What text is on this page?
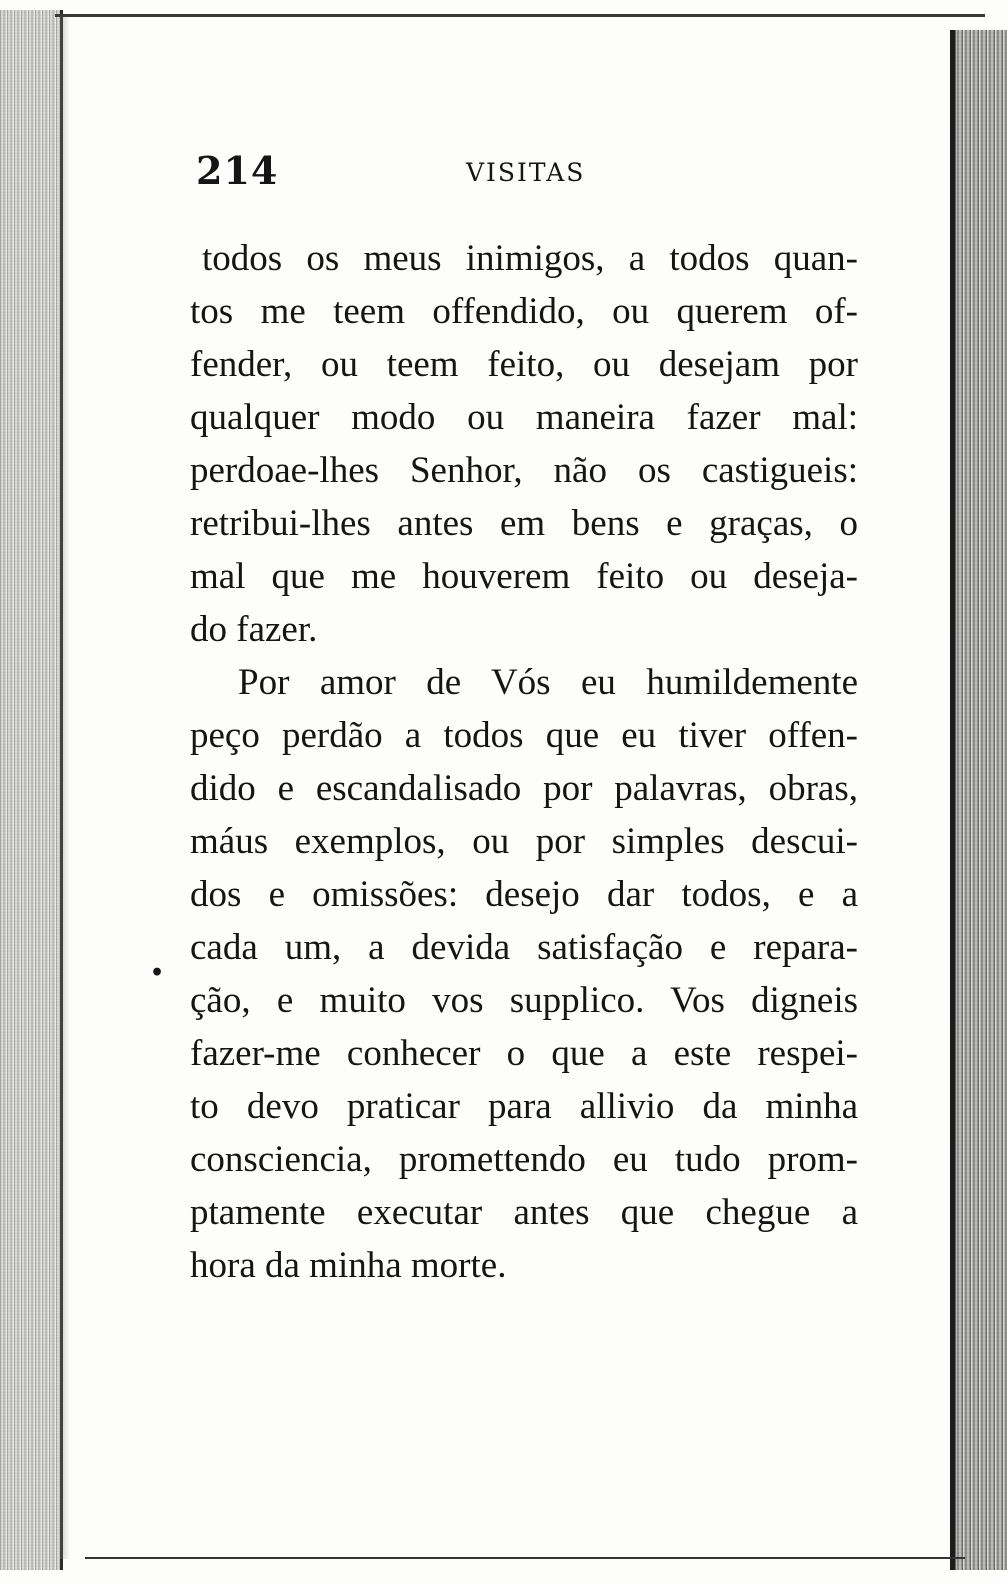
214	VISITAS
•
todos os meus inimigos, a todos quan-
tos me teem offendido, ou querem of-
fender, ou teem feito, ou desejam por
qualquer modo ou maneira fazer mal:
perdoae-lhes Senhor, não os castigueis:
retribui-lhes antes em bens e graças, o
mal que me houverem feito ou deseja-
do fazer.
Por amor de Vós eu humildemente
peço perdão a todos que eu tiver offen-
dido e escandalisado por palavras, obras,
máus exemplos, ou por simples descui-
dos e omissões: desejo dar todos, e a
cada um, a devida satisfação e repara-
ção, e muito vos supplico. Vos digneis
fazer-me conhecer o que a este respei-
to devo praticar para allivio da minha
consciencia, promettendo eu tudo prom-
ptamente executar antes que chegue a
hora da minha morte.
